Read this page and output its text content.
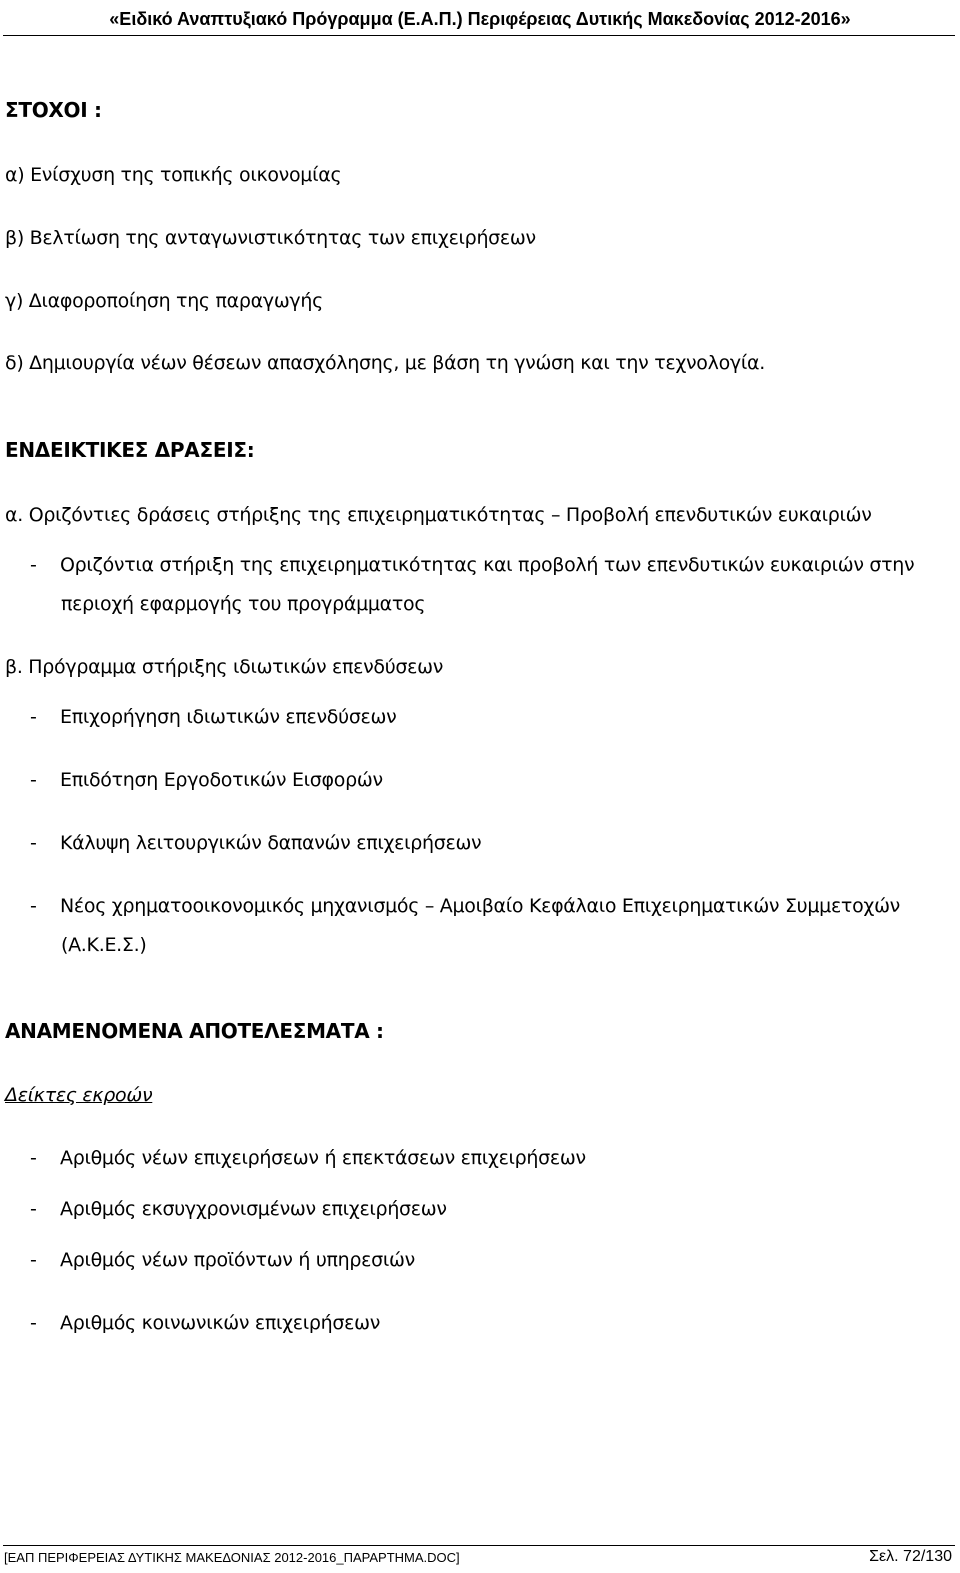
«Ειδικό Αναπτυξιακό Πρόγραμμα (Ε.Α.Π.) Περιφέρειας Δυτικής Μακεδονίας 2012-2016»
ΣΤΟΧΟΙ :
α) Ενίσχυση της τοπικής οικονομίας
β) Βελτίωση της ανταγωνιστικότητας των επιχειρήσεων
γ) Διαφοροποίηση της παραγωγής
δ) Δημιουργία νέων θέσεων απασχόλησης, με βάση τη γνώση και την τεχνολογία.
ΕΝΔΕΙΚΤΙΚΕΣ ΔΡΑΣΕΙΣ:
α. Οριζόντιες δράσεις στήριξης της επιχειρηματικότητας – Προβολή επενδυτικών ευκαιριών
- Οριζόντια στήριξη της επιχειρηματικότητας και προβολή των επενδυτικών ευκαιριών στην
περιοχή εφαρμογής του προγράμματος
β. Πρόγραμμα στήριξης ιδιωτικών επενδύσεων
- Επιχορήγηση ιδιωτικών επενδύσεων
- Επιδότηση Εργοδοτικών Εισφορών
- Κάλυψη λειτουργικών δαπανών επιχειρήσεων
- Νέος χρηματοοικονομικός μηχανισμός – Αμοιβαίο Κεφάλαιο Επιχειρηματικών Συμμετοχών
(Α.Κ.Ε.Σ.)
ΑΝΑΜΕΝΟΜΕΝΑ ΑΠΟΤΕΛΕΣΜΑΤΑ :
Δείκτες εκροών
- Αριθμός νέων επιχειρήσεων ή επεκτάσεων επιχειρήσεων
- Αριθμός εκσυγχρονισμένων επιχειρήσεων
- Αριθμός νέων προϊόντων ή υπηρεσιών
- Αριθμός κοινωνικών επιχειρήσεων
[ΕΑΠ ΠΕΡΙΦΕΡΕΙΑΣ ΔΥΤΙΚΗΣ ΜΑΚΕΔΟΝΙΑΣ 2012-2016_ΠΑΡΑΡΤΗΜΑ.DOC]	Σελ. 72/130
